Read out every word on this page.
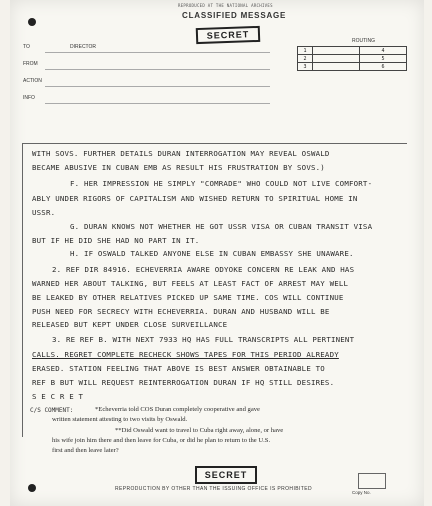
REPRODUCED AT THE NATIONAL ARCHIVES
CLASSIFIED MESSAGE
SECRET
ROUTING
1		4
2		5
3		6
TO	DIRECTOR
FROM
ACTION
INFO
WITH SOVS. FURTHER DETAILS DURAN INTERROGATION MAY REVEAL OSWALD
BECAME ABUSIVE IN CUBAN EMB AS RESULT HIS FRUSTRATION BY SOVS.)
F. HER IMPRESSION HE SIMPLY "COMRADE" WHO COULD NOT LIVE COMFORT-
ABLY UNDER RIGORS OF CAPITALISM AND WISHED RETURN TO SPIRITUAL HOME IN
USSR.
G. DURAN KNOWS NOT WHETHER HE GOT USSR VISA OR CUBAN TRANSIT VISA
BUT IF HE DID SHE HAD NO PART IN IT.
H. IF OSWALD TALKED ANYONE ELSE IN CUBAN EMBASSY SHE UNAWARE.
2. REF DIR 84916. ECHEVERRIA AWARE ODYOKE CONCERN RE LEAK AND HAS
WARNED HER ABOUT TALKING, BUT FEELS AT LEAST FACT OF ARREST MAY WELL
BE LEAKED BY OTHER RELATIVES PICKED UP SAME TIME. COS WILL CONTINUE
PUSH NEED FOR SECRECY WITH ECHEVERRIA. DURAN AND HUSBAND WILL BE
RELEASED BUT KEPT UNDER CLOSE SURVEILLANCE
3. RE REF B. WITH NEXT 7933 HQ HAS FULL TRANSCRIPTS ALL PERTINENT
CALLS. REGRET COMPLETE RECHECK SHOWS TAPES FOR THIS PERIOD ALREADY
ERASED. STATION FEELING THAT ABOVE IS BEST ANSWER OBTAINABLE TO
REF B BUT WILL REQUEST REINTERROGATION DURAN IF HQ STILL DESIRES.
S E C R E T
C/S COMMENT:	*Echeverria told COS Duran completely cooperative and gave
written statement attesting to two visits by Oswald.
**Did Oswald want to travel to Cuba right away, alone, or have
his wife join him there and then leave for Cuba, or did he plan to return to the U.S.
first and then leave later?
SECRET
REPRODUCTION BY OTHER THAN THE ISSUING OFFICE IS PROHIBITED
Copy No.
